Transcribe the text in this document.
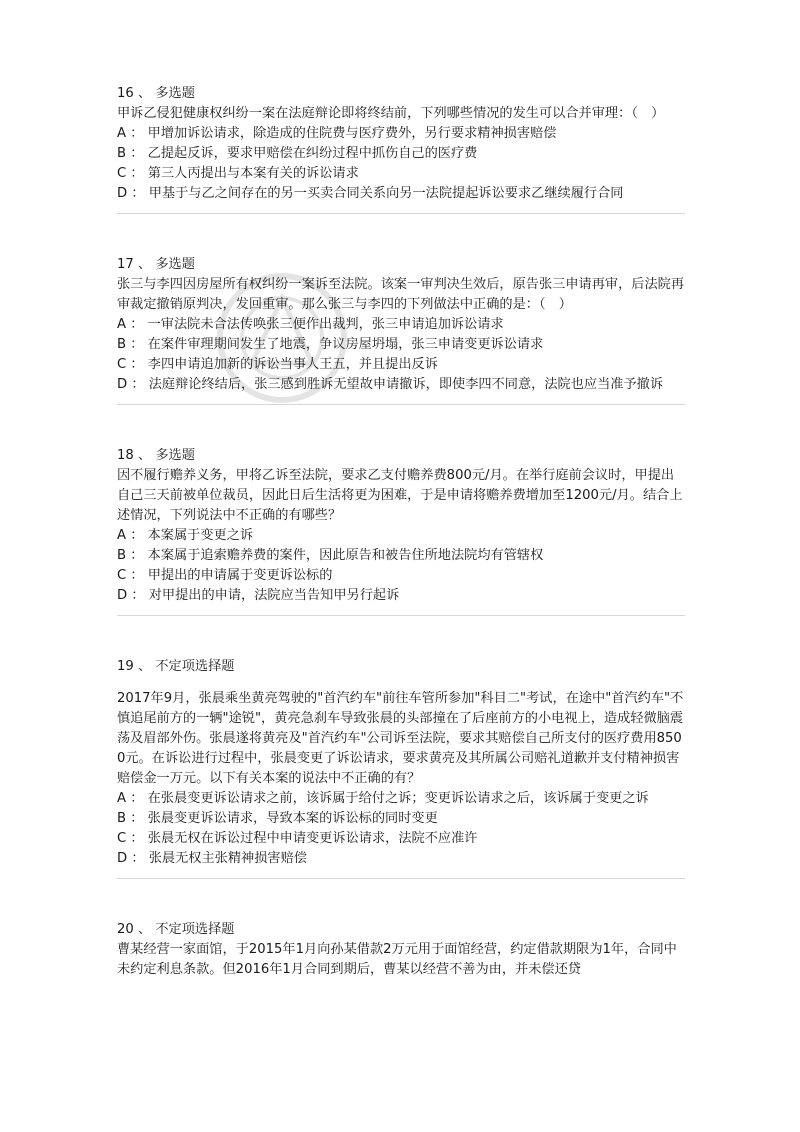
16 、 多选题

甲诉乙侵犯健康权纠纷一案在法庭辩论即将终结前，下列哪些情况的发生可以合并审理：（　）

A ： 甲增加诉讼请求，除造成的住院费与医疗费外，另行要求精神损害赔偿

B ： 乙提起反诉，要求甲赔偿在纠纷过程中抓伤自己的医疗费

C ： 第三人丙提出与本案有关的诉讼请求

D ： 甲基于与乙之间存在的另一买卖合同关系向另一法院提起诉讼要求乙继续履行合同

17 、 多选题

张三与李四因房屋所有权纠纷一案诉至法院。该案一审判决生效后，原告张三申请再审，后法院再审裁定撤销原判决，发回重审。那么张三与李四的下列做法中正确的是：（　）

A ： 一审法院未合法传唤张三便作出裁判，张三申请追加诉讼请求

B ： 在案件审理期间发生了地震，争议房屋坍塌，张三申请变更诉讼请求

C ： 李四申请追加新的诉讼当事人王五，并且提出反诉

D ： 法庭辩论终结后，张三感到胜诉无望故申请撤诉，即使李四不同意，法院也应当准予撤诉

18 、 多选题

因不履行赡养义务，甲将乙诉至法院，要求乙支付赡养费800元/月。在举行庭前会议时，甲提出自己三天前被单位裁员，因此日后生活将更为困难，于是申请将赡养费增加至1200元/月。结合上述情况，下列说法中不正确的有哪些？

A ： 本案属于变更之诉

B ： 本案属于追索赡养费的案件，因此原告和被告住所地法院均有管辖权

C ： 甲提出的申请属于变更诉讼标的

D ： 对甲提出的申请，法院应当告知甲另行起诉

19 、 不定项选择题

2017年9月，张晨乘坐黄亮驾驶的"首汽约车"前往车管所参加"科目二"考试，在途中"首汽约车"不慎追尾前方的一辆"途锐"，黄亮急刹车导致张晨的头部撞在了后座前方的小电视上，造成轻微脑震荡及眉部外伤。张晨遂将黄亮及"首汽约车"公司诉至法院，要求其赔偿自己所支付的医疗费用8500元。在诉讼进行过程中，张晨变更了诉讼请求，要求黄亮及其所属公司赔礼道歉并支付精神损害赔偿金一万元。以下有关本案的说法中不正确的有？

A ： 在张晨变更诉讼请求之前，该诉属于给付之诉；变更诉讼请求之后，该诉属于变更之诉

B ： 张晨变更诉讼请求，导致本案的诉讼标的同时变更

C ： 张晨无权在诉讼过程中申请变更诉讼请求，法院不应准许

D ： 张晨无权主张精神损害赔偿

20 、 不定项选择题

曹某经营一家面馆，于2015年1月向孙某借款2万元用于面馆经营，约定借款期限为1年，合同中未约定利息条款。但2016年1月合同到期后，曹某以经营不善为由，并未偿还贷
